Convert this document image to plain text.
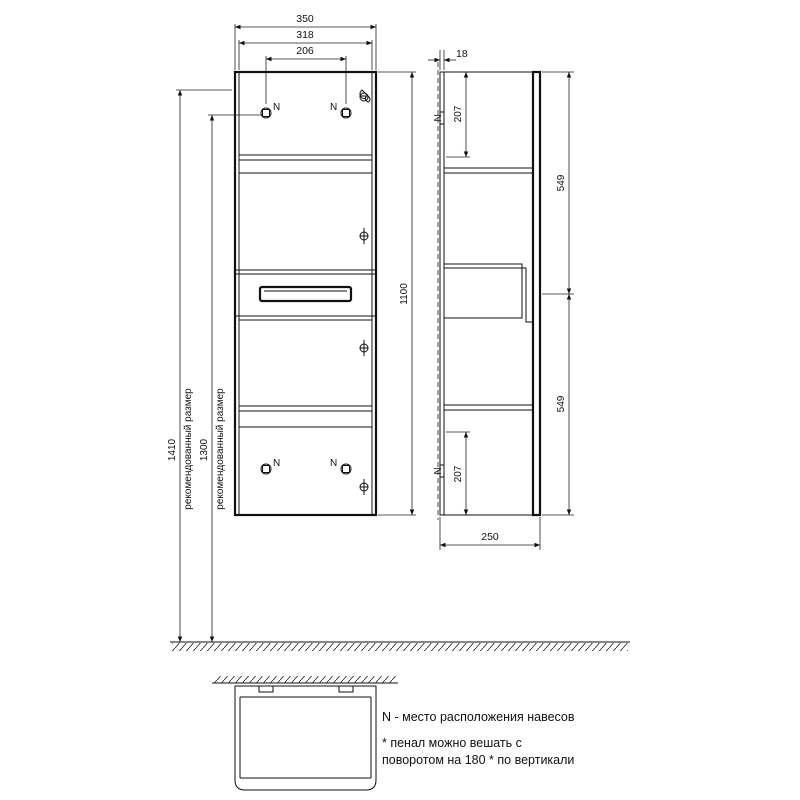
N	N
N	N
350
318
206
1100
1410 рекомендованный размер 1300 рекомендованный размер
N
N
18
207
207
549
549
250
N - место расположения навесов
* пенал можно вешать с
поворотом на 180 * по вертикали
